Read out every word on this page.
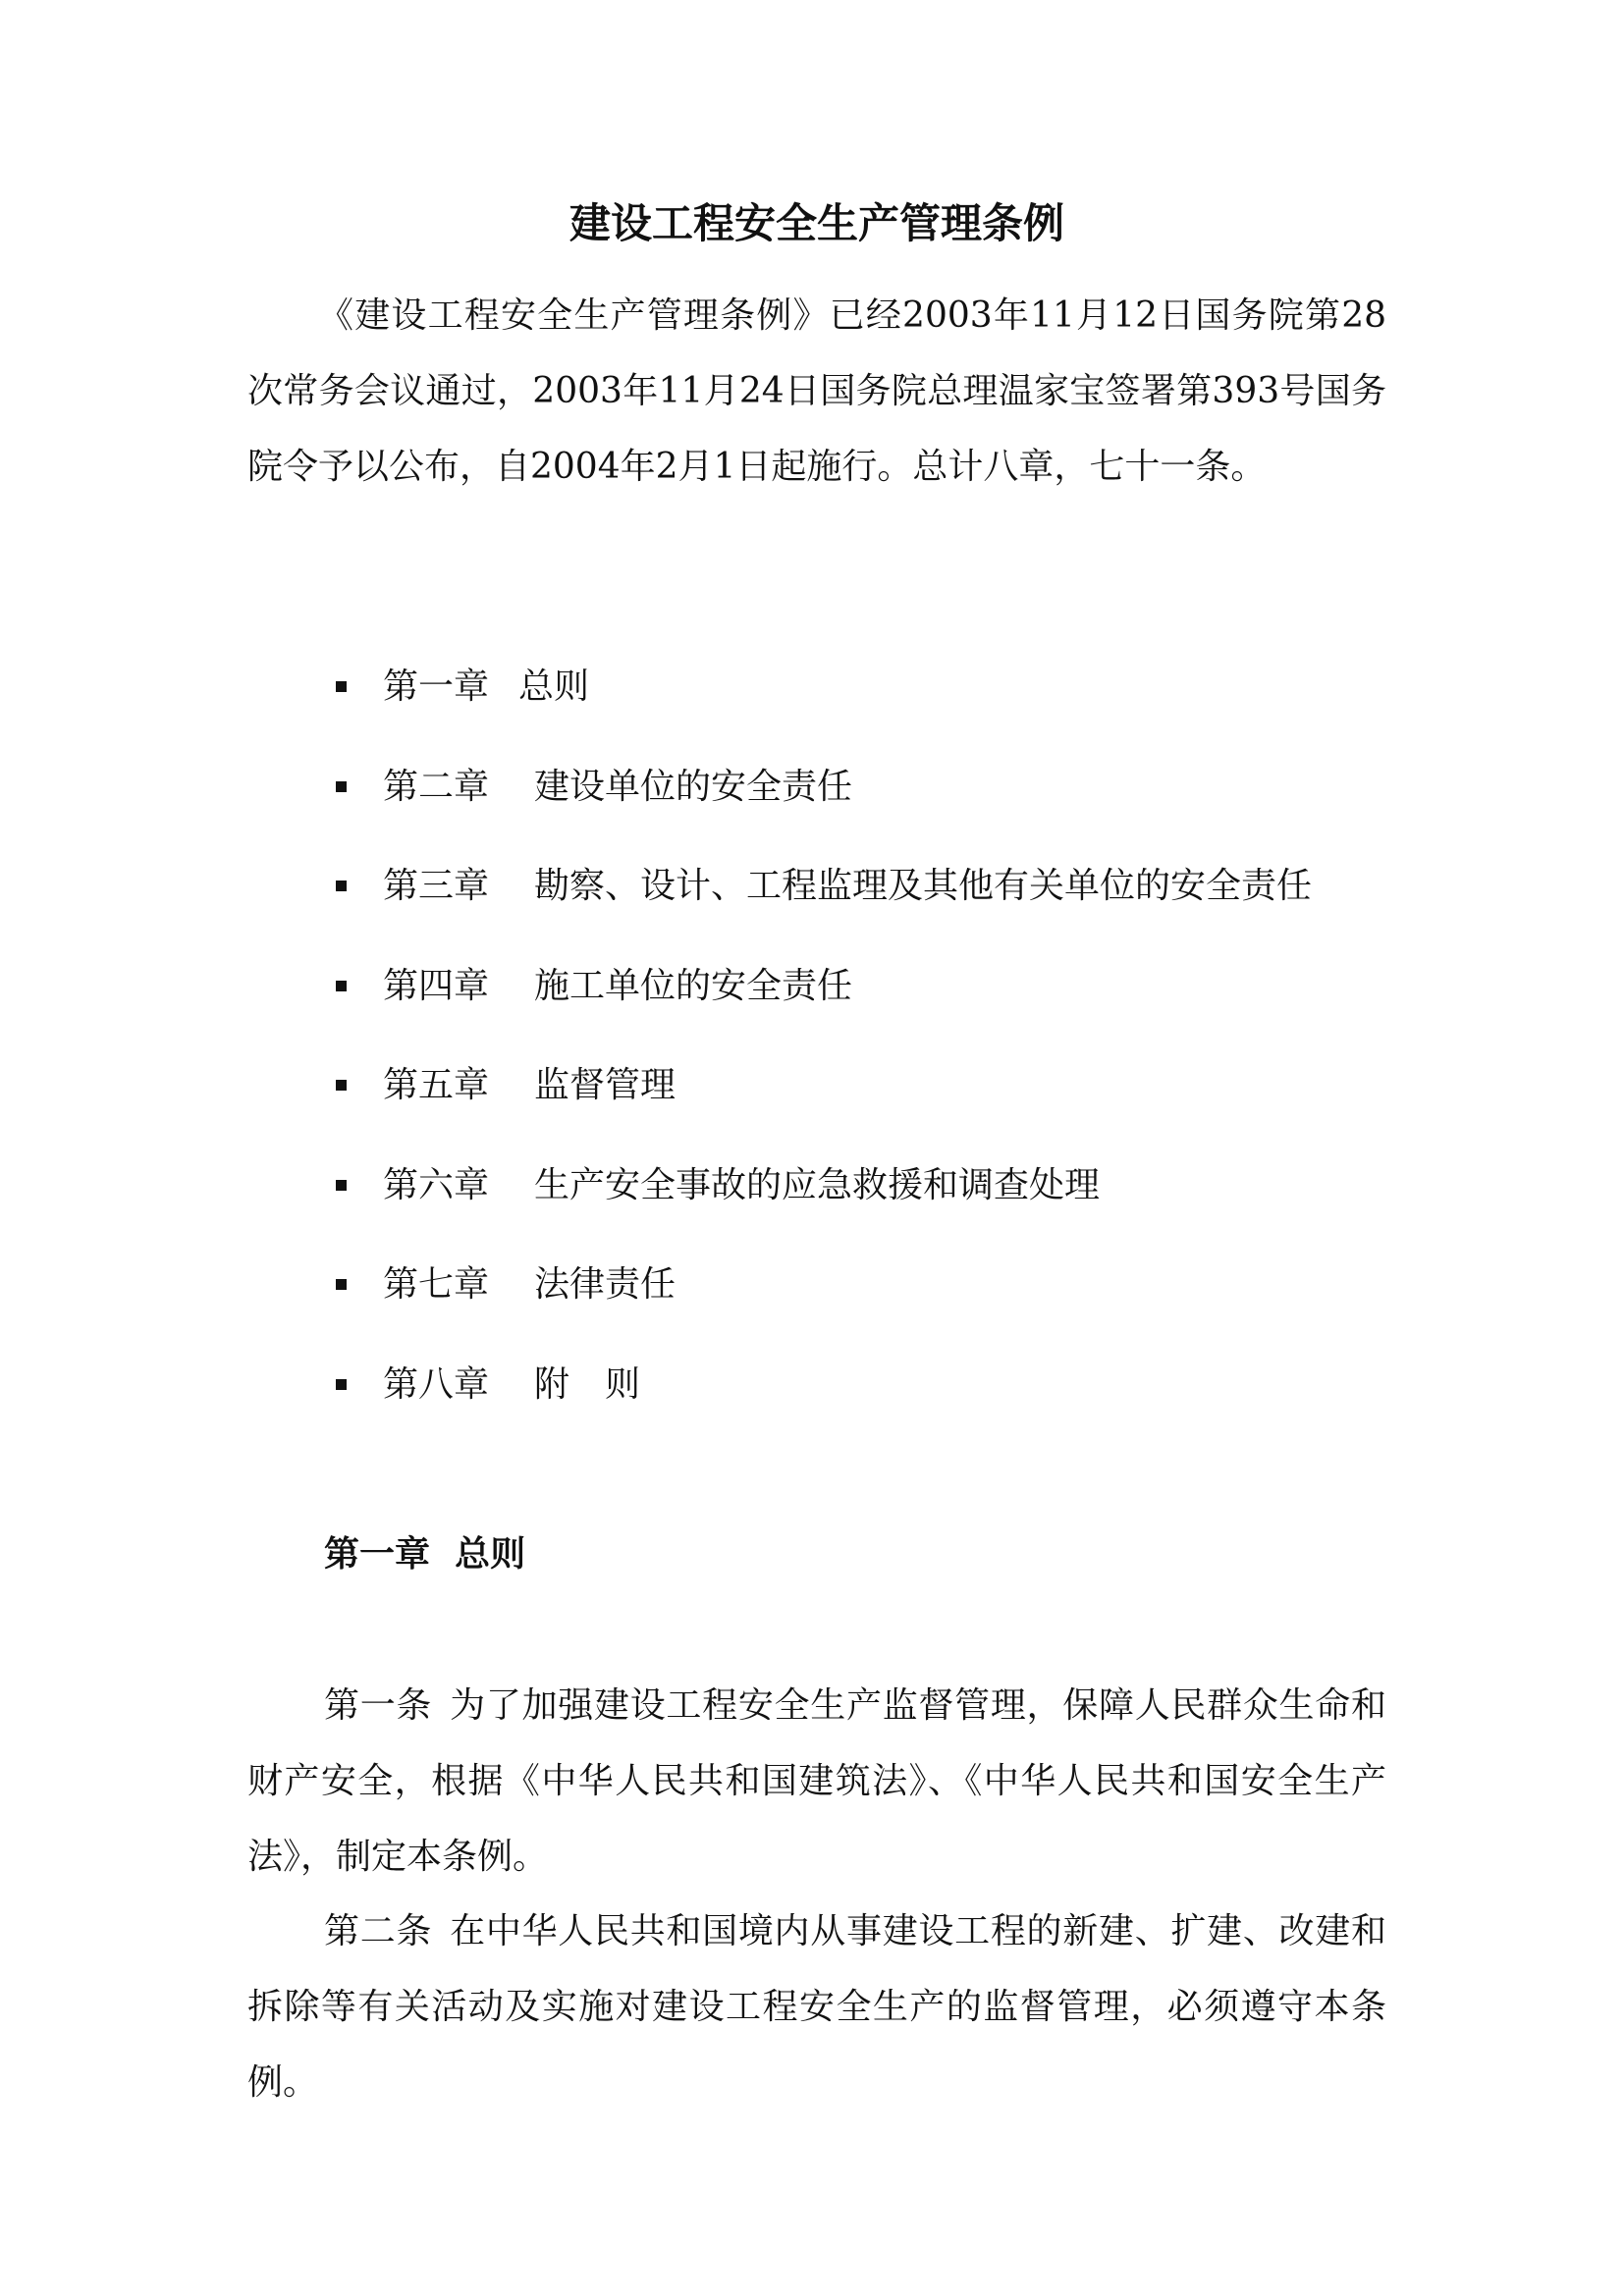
建设工程安全生产管理条例

《建设工程安全生产管理条例》已经2003年11月12日国务院第28次常务会议通过，2003年11月24日国务院总理温家宝签署第393号国务院令予以公布，自2004年2月1日起施行。总计八章，七十一条。

第一章

总则

第二章

建设单位的安全责任

第三章

勘察、设计、工程监理及其他有关单位的安全责任

第四章

施工单位的安全责任

第五章

监督管理

第六章

生产安全事故的应急救援和调查处理

第七章

法律责任

第八章

附　则

第一章  总则

第一条 为了加强建设工程安全生产监督管理，保障人民群众生命和财产安全，根据《中华人民共和国建筑法》、《中华人民共和国安全生产法》，制定本条例。

第二条 在中华人民共和国境内从事建设工程的新建、扩建、改建和拆除等有关活动及实施对建设工程安全生产的监督管理，必须遵守本条例。
